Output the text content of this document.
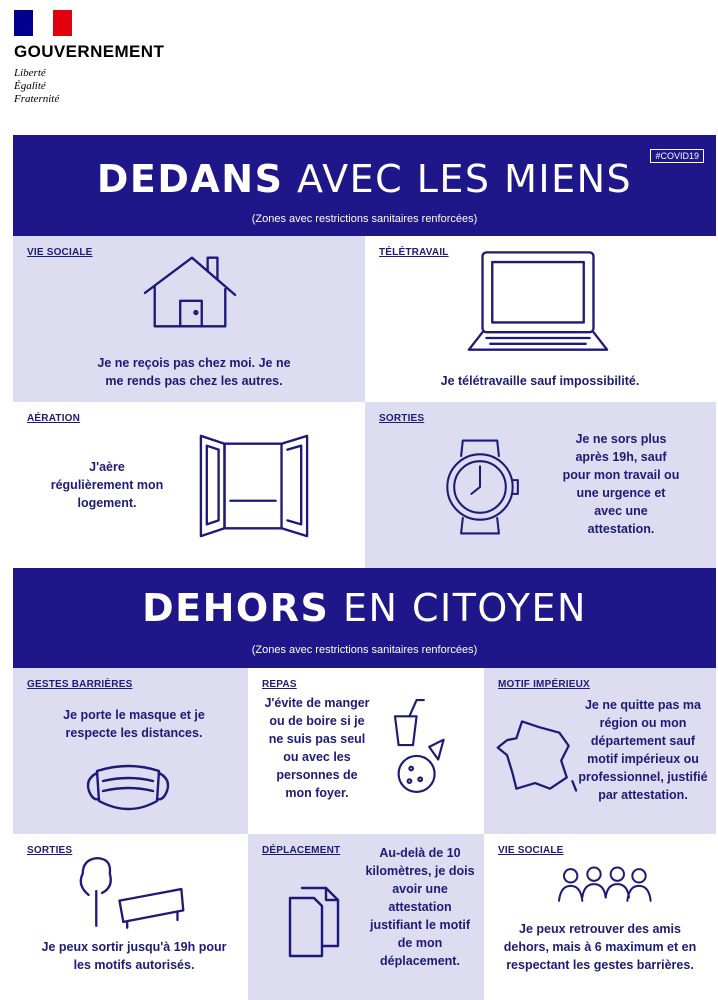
GOUVERNEMENT
Liberté
Égalité
Fraternité
#COVID19
DEDANS AVEC LES MIENS
(Zones avec restrictions sanitaires renforcées)
VIE SOCIALE
Je ne reçois pas chez moi. Je ne me rends pas chez les autres.
TÉLÉTRAVAIL
Je télétravaille sauf impossibilité.
AÉRATION
J'aère régulièrement mon logement.
SORTIES
Je ne sors plus après 19h, sauf pour mon travail ou une urgence et avec une attestation.
DEHORS EN CITOYEN
(Zones avec restrictions sanitaires renforcées)
GESTES BARRIÈRES
Je porte le masque et je respecte les distances.
REPAS
J'évite de manger ou de boire si je ne suis pas seul ou avec les personnes de mon foyer.
MOTIF IMPÉRIEUX
Je ne quitte pas ma région ou mon département sauf motif impérieux ou professionnel, justifié par attestation.
SORTIES
Je peux sortir jusqu'à 19h pour les motifs autorisés.
DÉPLACEMENT	Au-delà de 10 kilomètres, je dois avoir une attestation justifiant le motif de mon déplacement.
VIE SOCIALE
Je peux retrouver des amis dehors, mais à 6 maximum et en respectant les gestes barrières.
